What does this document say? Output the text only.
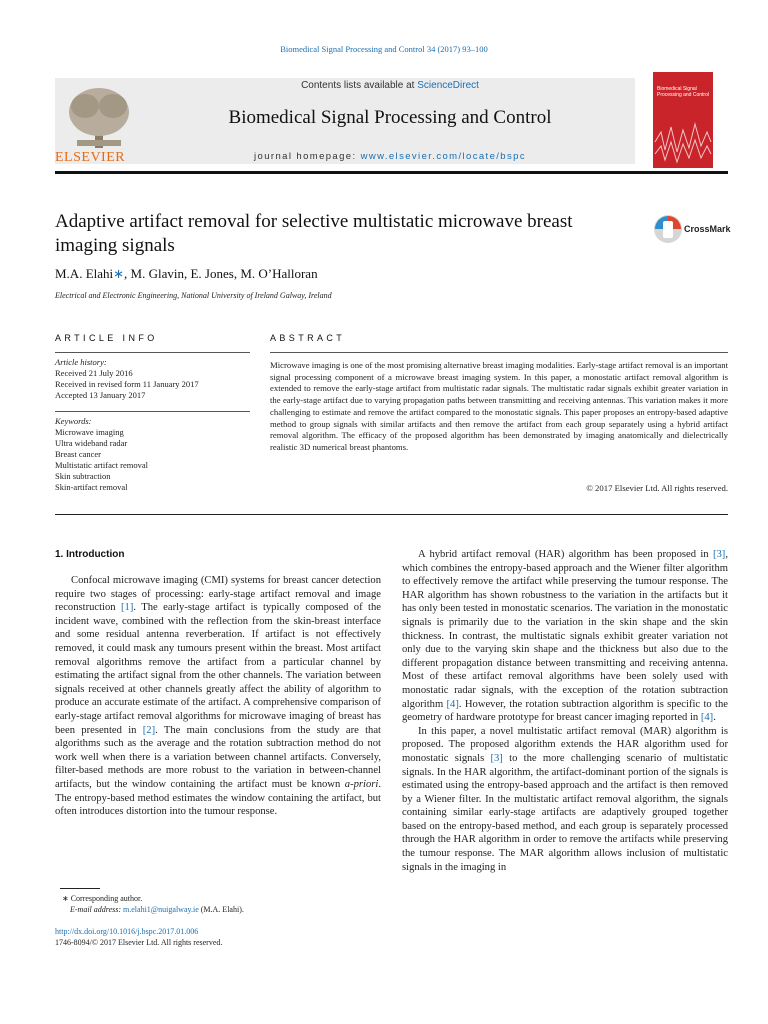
Biomedical Signal Processing and Control 34 (2017) 93–100
ELSEVIER
Contents lists available at ScienceDirect
Biomedical Signal Processing and Control
journal homepage: www.elsevier.com/locate/bspc
Biomedical Signal Processing and Control
Adaptive artifact removal for selective multistatic microwave breast imaging signals
CrossMark
M.A. Elahi∗, M. Glavin, E. Jones, M. O’Halloran
Electrical and Electronic Engineering, National University of Ireland Galway, Ireland
ARTICLE INFO	ABSTRACT
Article history:
Received 21 July 2016
Received in revised form 11 January 2017
Accepted 13 January 2017
Keywords:
Microwave imaging
Ultra wideband radar
Breast cancer
Multistatic artifact removal
Skin subtraction
Skin-artifact removal
Microwave imaging is one of the most promising alternative breast imaging modalities. Early-stage artifact removal is an important signal processing component of a microwave breast imaging system. In this paper, a monostatic artifact removal algorithm is extended to remove the early-stage artifact from multistatic radar signals. The multistatic radar signals exhibit greater variation in the early-stage artifact due to varying propagation paths between transmitting and receiving antennas. This variation makes it more challenging to estimate and remove the artifact compared to the monostatic signals. This paper proposes an entropy-based adaptive method to group signals with similar artifacts and then remove the artifact from each group separately using a hybrid artifact removal algorithm. The efficacy of the proposed algorithm has been demonstrated by imaging anatomically and dielectrically realistic 3D numerical breast phantoms.
© 2017 Elsevier Ltd. All rights reserved.
1. Introduction

Confocal microwave imaging (CMI) systems for breast cancer detection require two stages of processing: early-stage artifact removal and image reconstruction [1]. The early-stage artifact is typically composed of the incident wave, combined with the reflection from the skin-breast interface and some residual antenna reverberation. If artifact is not effectively removed, it could mask any tumours present within the breast. Most artifact removal algorithms remove the artifact from a particular channel by estimating the artifact signal from the other channels. The variation between signals received at other channels greatly affect the ability of algorithm to produce an accurate estimate of the artifact. A comprehensive comparison of early-stage artifact removal algorithms for microwave imaging of breast has been presented in [2]. The main conclusions from the study are that algorithms such as the average and the rotation subtraction method do not work well when there is a variation between channel artifacts. Conversely, filter-based methods are more robust to the variation in between-channel artifacts, but the window containing the artifact must be known a-priori. The entropy-based method estimates the window containing the artifact, but often introduces distortion into the tumour response.

A hybrid artifact removal (HAR) algorithm has been proposed in [3], which combines the entropy-based approach and the Wiener filter algorithm to effectively remove the artifact while preserving the tumour response. The HAR algorithm has shown robustness to the variation in the artifacts but it has only been tested in monostatic scenarios. The variation in the monostatic signals is primarily due to the variation in the skin shape and the skin thickness. In contrast, the multistatic signals exhibit greater variation not only due to the varying skin shape and the thickness but also due to the different propagation distance between transmitting and receiving antenna. Most of these artifact removal algorithms have been solely used with monostatic radar signals, with the exception of the rotation subtraction algorithm [4]. However, the rotation subtraction algorithm is specific to the geometry of hardware prototype for breast cancer imaging reported in [4].

In this paper, a novel multistatic artifact removal (MAR) algorithm is proposed. The proposed algorithm extends the HAR algorithm used for monostatic signals [3] to the more challenging scenario of multistatic signals. In the HAR algorithm, the artifact-dominant portion of the signals is estimated using the entropy-based approach and the artifact is then removed by a Wiener filter. In the multistatic artifact removal algorithm, the signals containing similar early-stage artifacts are adaptively grouped together based on the entropy-based method, and each group is separately processed through the HAR algorithm in order to remove the artifacts while preserving the tumour response. The MAR algorithm allows inclusion of multistatic signals in the imaging in

∗ Corresponding author.
E-mail address: m.elahi1@nuigalway.ie (M.A. Elahi).
http://dx.doi.org/10.1016/j.bspc.2017.01.006
1746-8094/© 2017 Elsevier Ltd. All rights reserved.
